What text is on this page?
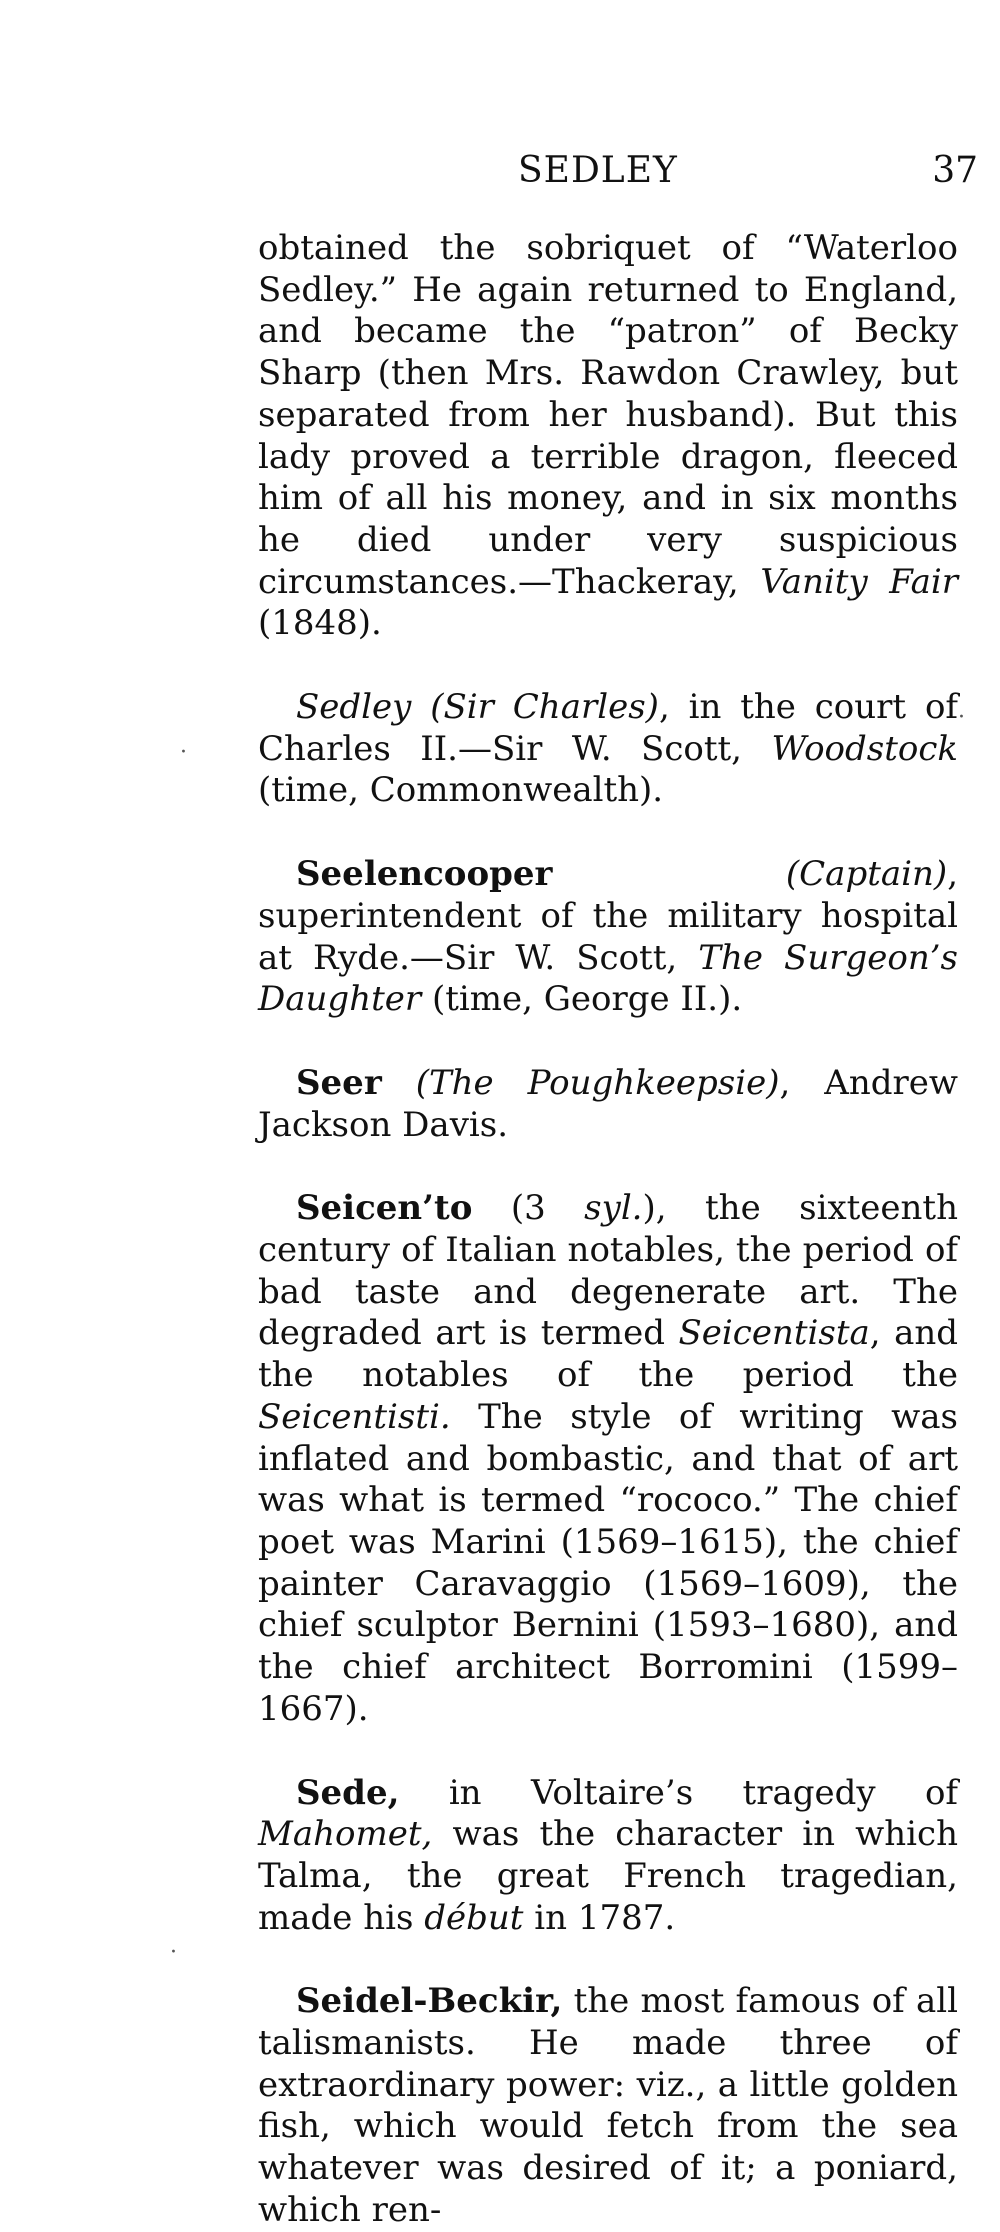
SEDLEY	37

obtained the sobriquet of “Waterloo Sedley.” He again returned to England, and became the “patron” of Becky Sharp (then Mrs. Rawdon Crawley, but separated from her husband). But this lady proved a terrible dragon, fleeced him of all his money, and in six months he died under very suspicious circumstances.—Thackeray, Vanity Fair (1848).

Sedley (Sir Charles), in the court of Charles II.—Sir W. Scott, Woodstock (time, Commonwealth).

Seelencooper	(Captain), superintendent of the military hospital at Ryde.—Sir W. Scott, The Surgeon’s Daughter (time, George II.).

Seer (The Poughkeepsie), Andrew Jackson Davis.

Seicen’to (3 syl.), the sixteenth century of Italian notables, the period of bad taste and degenerate art. The degraded art is termed Seicentista, and the notables of the period the Seicentisti. The style of writing was inflated and bombastic, and that of art was what is termed “rococo.” The chief poet was Marini (1569–1615), the chief painter Caravaggio (1569–1609), the chief sculptor Bernini (1593–1680), and the chief architect Borromini (1599–1667).

Sede, in Voltaire’s tragedy of Mahomet, was the character in which Talma, the great French tragedian, made his début in 1787.

Seidel-Beckir, the most famous of all talismanists. He made three of extraordinary power: viz., a little golden fish, which would fetch from the sea whatever was desired of it; a poniard, which ren-

·
·
·
